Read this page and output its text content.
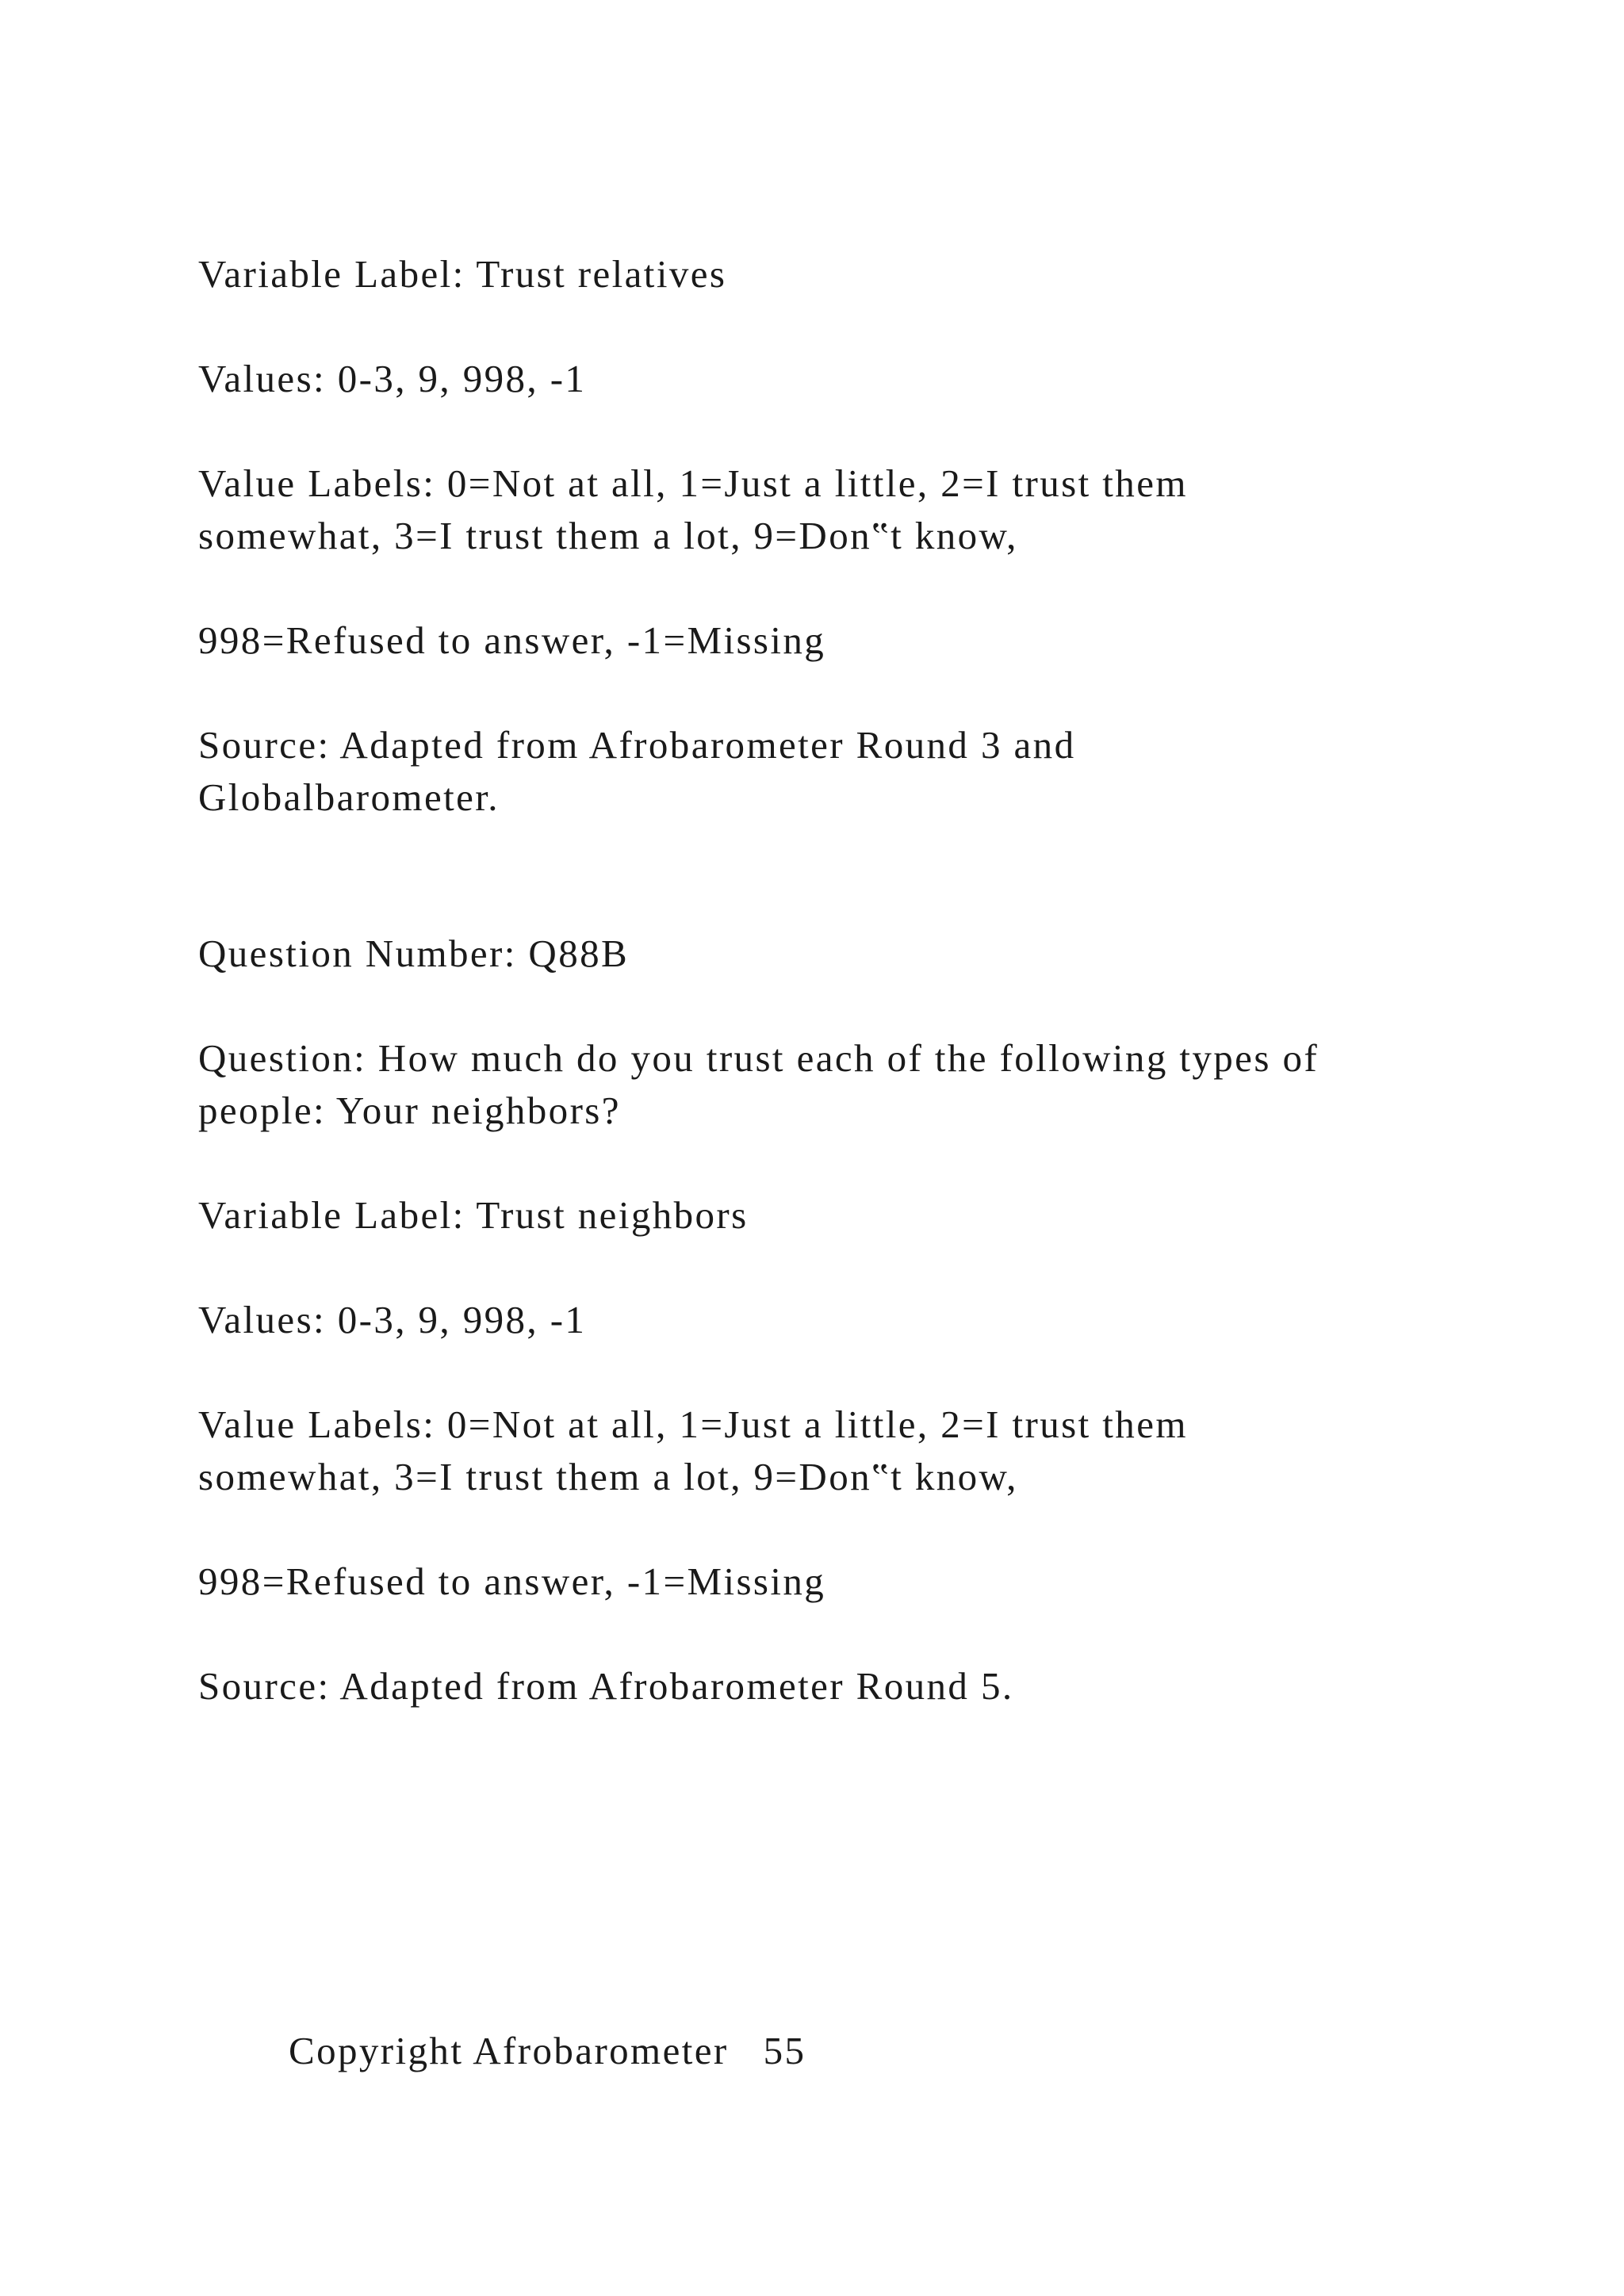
Variable Label: Trust relatives

Values: 0-3, 9, 998, -1

Value Labels: 0=Not at all, 1=Just a little, 2=I trust them

somewhat, 3=I trust them a lot, 9=Don‟t know,

998=Refused to answer, -1=Missing

Source: Adapted from Afrobarometer Round 3 and

Globalbarometer.

Question Number: Q88B

Question: How much do you trust each of the following types of

people: Your neighbors?

Variable Label: Trust neighbors

Values: 0-3, 9, 998, -1

Value Labels: 0=Not at all, 1=Just a little, 2=I trust them

somewhat, 3=I trust them a lot, 9=Don‟t know,

998=Refused to answer, -1=Missing

Source: Adapted from Afrobarometer Round 5.

Copyright Afrobarometer 55
